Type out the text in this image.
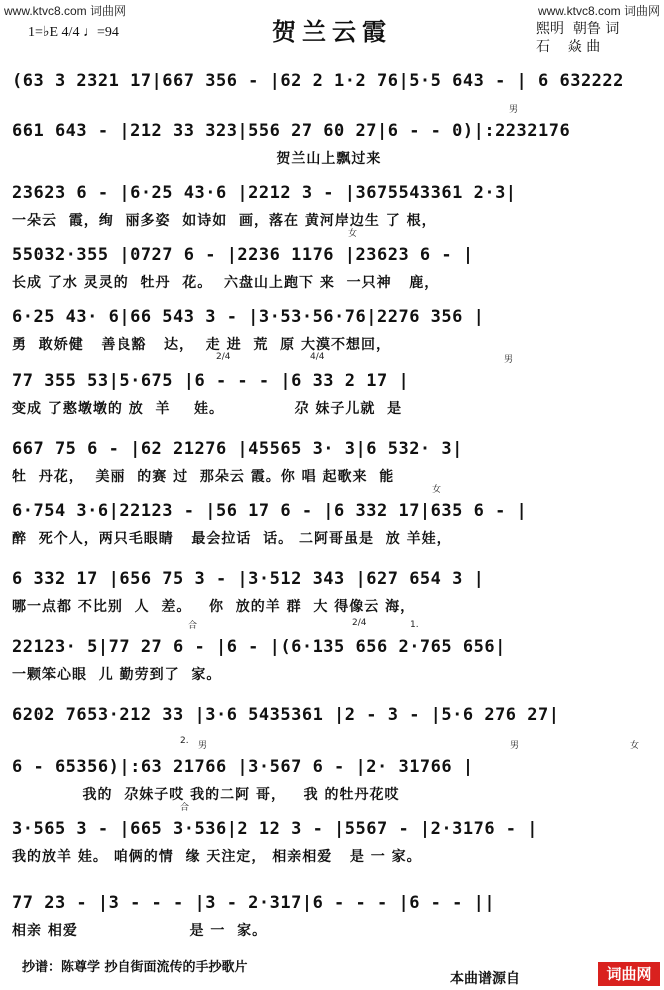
www.ktvc8.com 词曲网	www.ktvc8.com 词曲网
1=♭E 4/4 ♩=94	贺兰云霞	熙明  朝鲁 词
石    焱 曲
(63 3 2321 17|667 356 - |62 2 1·2 76|5·5 643 - | 6 632222
661 643 - |212 33 323|556 27 60 27|6 - - 0)|:2232176
贺兰山上飘过来
男
23623 6 - |6·25 43·6 |2212 3 - |3675543361 2·3|
一朵云  霞，绚  丽多姿  如诗如  画，落在 黄河岸边生 了 根，
55032·355 |0727 6 - |2236 1176 |23623 6 - |
长成 了水 灵灵的  牡丹  花。  六盘山上跑下 来  一只神   鹿，
女
6·25 43· 6|66 543 3 - |3·53·56·76|2276 356 |
勇  敢娇健   善良豁   达，  走 进  荒  原 大漠不想回，
77 355 53|5·675 |6 - - - |6 33 2 17 |
变成 了憨墩墩的 放  羊    娃。            尕 妹子儿就  是
2/4	4/4	男
667 75 6 - |62 21276 |45565 3· 3|6 532· 3|
牡  丹花，  美丽  的赛 过  那朵云 霞。你 唱 起歌来  能
6·754 3·6|22123 - |56 17 6 - |6 332 17|635 6 - |
醉  死个人，两只毛眼睛   最会拉话  话。 二阿哥虽是  放 羊娃，
女
6 332 17 |656 75 3 - |3·512 343 |627 654 3 |
哪一点都 不比别  人  差。   你  放的羊 群  大 得像云 海，
22123· 5|77 27 6 - |6 - |(6·135 656 2·765 656|
一颗笨心眼  儿 勤劳到了  家。
合	2/4	1.
6202 7653·212 33 |3·6 5435361 |2 - 3 - |5·6 276 27|
6 - 65356)|:63 21766 |3·567 6 - |2· 31766 |
我的  尕妹子哎 我的二阿 哥，   我 的牡丹花哎
2. 男	男	女
3·565 3 - |665 3·536|2 12 3 - |5567 - |2·3176 - |
我的放羊 娃。 咱俩的情  缘 天注定， 相亲相爱   是 一 家。
合
77 23 - |3 - - - |3 - 2·317|6 - - - |6 - - ||
相亲 相爱                   是 一  家。
抄谱：陈尊学 抄自街面流传的手抄歌片
本曲谱源自	词曲网
